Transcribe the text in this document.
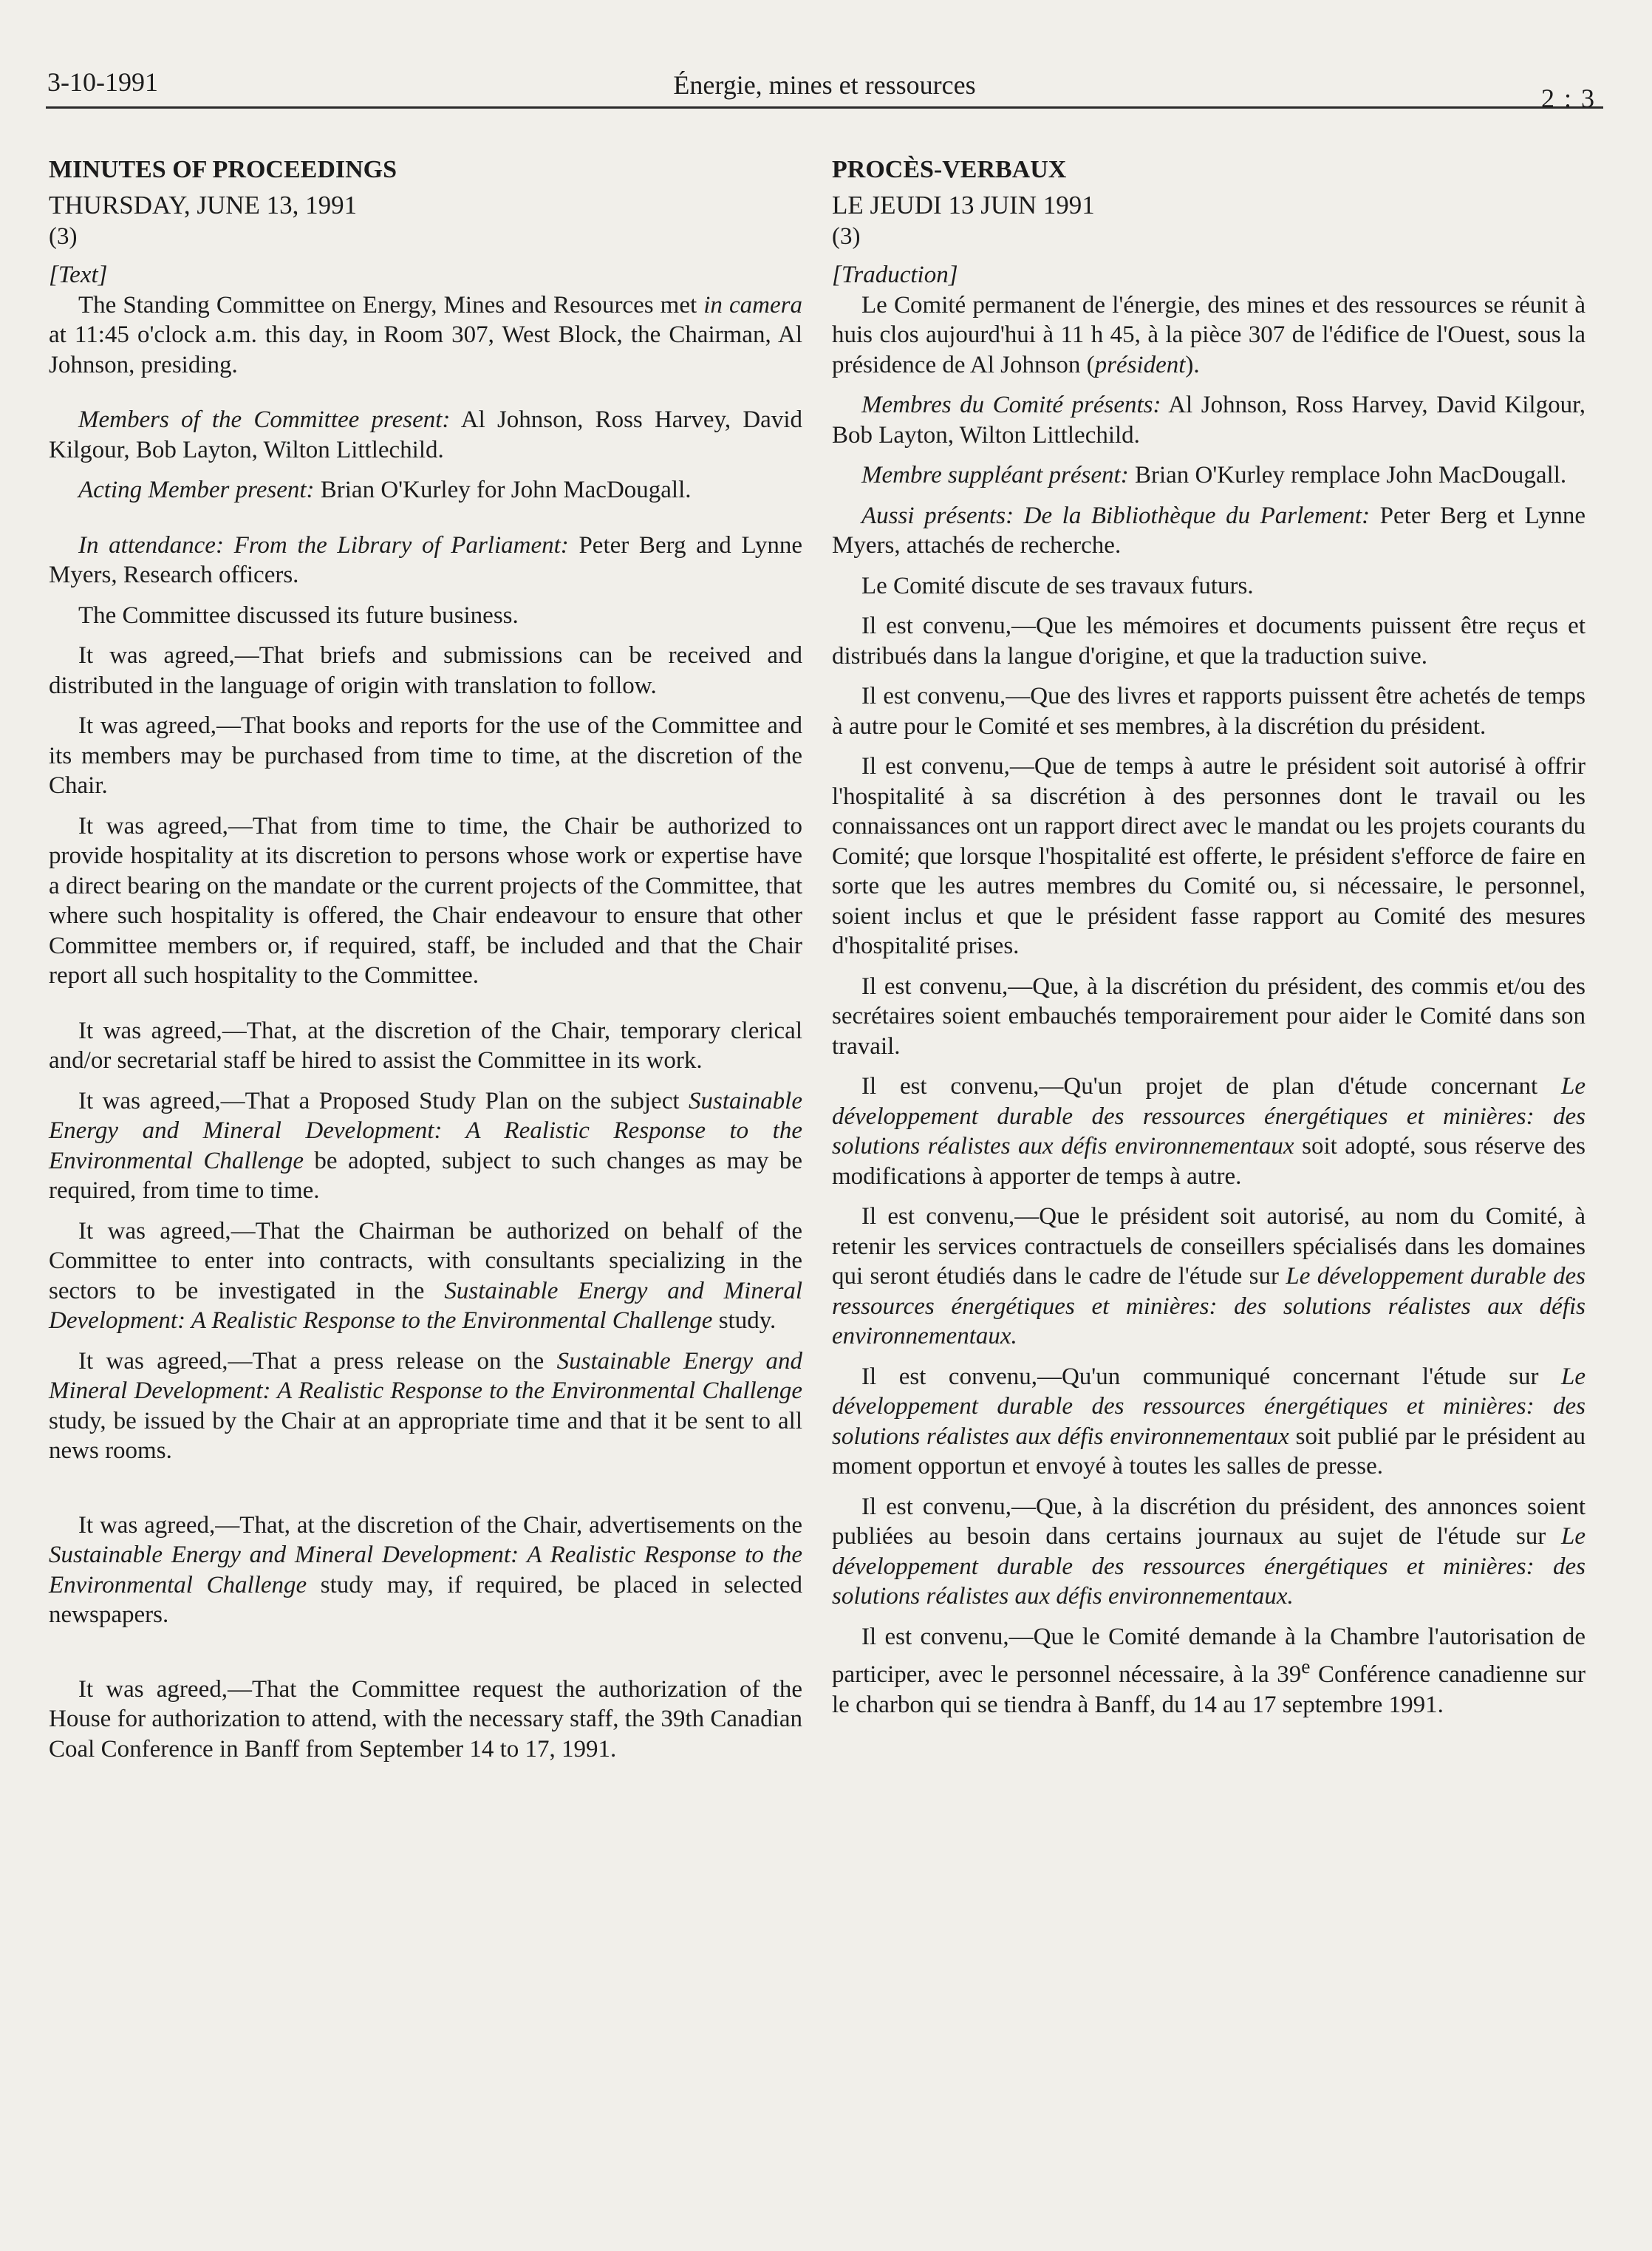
3-10-1991	Énergie, mines et ressources	2 : 3

MINUTES OF PROCEEDINGS

THURSDAY, JUNE 13, 1991

(3)

[Text]

The Standing Committee on Energy, Mines and Resources met in camera at 11:45 o'clock a.m. this day, in Room 307, West Block, the Chairman, Al Johnson, presiding.

Members of the Committee present: Al Johnson, Ross Harvey, David Kilgour, Bob Layton, Wilton Littlechild.

Acting Member present: Brian O'Kurley for John MacDougall.

In attendance: From the Library of Parliament: Peter Berg and Lynne Myers, Research officers.

The Committee discussed its future business.

It was agreed,—That briefs and submissions can be received and distributed in the language of origin with translation to follow.

It was agreed,—That books and reports for the use of the Committee and its members may be purchased from time to time, at the discretion of the Chair.

It was agreed,—That from time to time, the Chair be authorized to provide hospitality at its discretion to persons whose work or expertise have a direct bearing on the mandate or the current projects of the Committee, that where such hospitality is offered, the Chair endeavour to ensure that other Committee members or, if required, staff, be included and that the Chair report all such hospitality to the Committee.

It was agreed,—That, at the discretion of the Chair, temporary clerical and/or secretarial staff be hired to assist the Committee in its work.

It was agreed,—That a Proposed Study Plan on the subject Sustainable Energy and Mineral Development: A Realistic Response to the Environmental Challenge be adopted, subject to such changes as may be required, from time to time.

It was agreed,—That the Chairman be authorized on behalf of the Committee to enter into contracts, with consultants specializing in the sectors to be investigated in the Sustainable Energy and Mineral Development: A Realistic Response to the Environmental Challenge study.

It was agreed,—That a press release on the Sustainable Energy and Mineral Development: A Realistic Response to the Environmental Challenge study, be issued by the Chair at an appropriate time and that it be sent to all news rooms.

It was agreed,—That, at the discretion of the Chair, advertisements on the Sustainable Energy and Mineral Development: A Realistic Response to the Environmental Challenge study may, if required, be placed in selected newspapers.

It was agreed,—That the Committee request the authorization of the House for authorization to attend, with the necessary staff, the 39th Canadian Coal Conference in Banff from September 14 to 17, 1991.

PROCÈS-VERBAUX

LE JEUDI 13 JUIN 1991

(3)

[Traduction]

Le Comité permanent de l'énergie, des mines et des ressources se réunit à huis clos aujourd'hui à 11 h 45, à la pièce 307 de l'édifice de l'Ouest, sous la présidence de Al Johnson (président).

Membres du Comité présents: Al Johnson, Ross Harvey, David Kilgour, Bob Layton, Wilton Littlechild.

Membre suppléant présent: Brian O'Kurley remplace John MacDougall.

Aussi présents: De la Bibliothèque du Parlement: Peter Berg et Lynne Myers, attachés de recherche.

Le Comité discute de ses travaux futurs.

Il est convenu,—Que les mémoires et documents puissent être reçus et distribués dans la langue d'origine, et que la traduction suive.

Il est convenu,—Que des livres et rapports puissent être achetés de temps à autre pour le Comité et ses membres, à la discrétion du président.

Il est convenu,—Que de temps à autre le président soit autorisé à offrir l'hospitalité à sa discrétion à des personnes dont le travail ou les connaissances ont un rapport direct avec le mandat ou les projets courants du Comité; que lorsque l'hospitalité est offerte, le président s'efforce de faire en sorte que les autres membres du Comité ou, si nécessaire, le personnel, soient inclus et que le président fasse rapport au Comité des mesures d'hospitalité prises.

Il est convenu,—Que, à la discrétion du président, des commis et/ou des secrétaires soient embauchés temporairement pour aider le Comité dans son travail.

Il est convenu,—Qu'un projet de plan d'étude concernant Le développement durable des ressources énergétiques et minières: des solutions réalistes aux défis environnementaux soit adopté, sous réserve des modifications à apporter de temps à autre.

Il est convenu,—Que le président soit autorisé, au nom du Comité, à retenir les services contractuels de conseillers spécialisés dans les domaines qui seront étudiés dans le cadre de l'étude sur Le développement durable des ressources énergétiques et minières: des solutions réalistes aux défis environnementaux.

Il est convenu,—Qu'un communiqué concernant l'étude sur Le développement durable des ressources énergétiques et minières: des solutions réalistes aux défis environnementaux soit publié par le président au moment opportun et envoyé à toutes les salles de presse.

Il est convenu,—Que, à la discrétion du président, des annonces soient publiées au besoin dans certains journaux au sujet de l'étude sur Le développement durable des ressources énergétiques et minières: des solutions réalistes aux défis environnementaux.

Il est convenu,—Que le Comité demande à la Chambre l'autorisation de participer, avec le personnel nécessaire, à la 39e Conférence canadienne sur le charbon qui se tiendra à Banff, du 14 au 17 septembre 1991.
